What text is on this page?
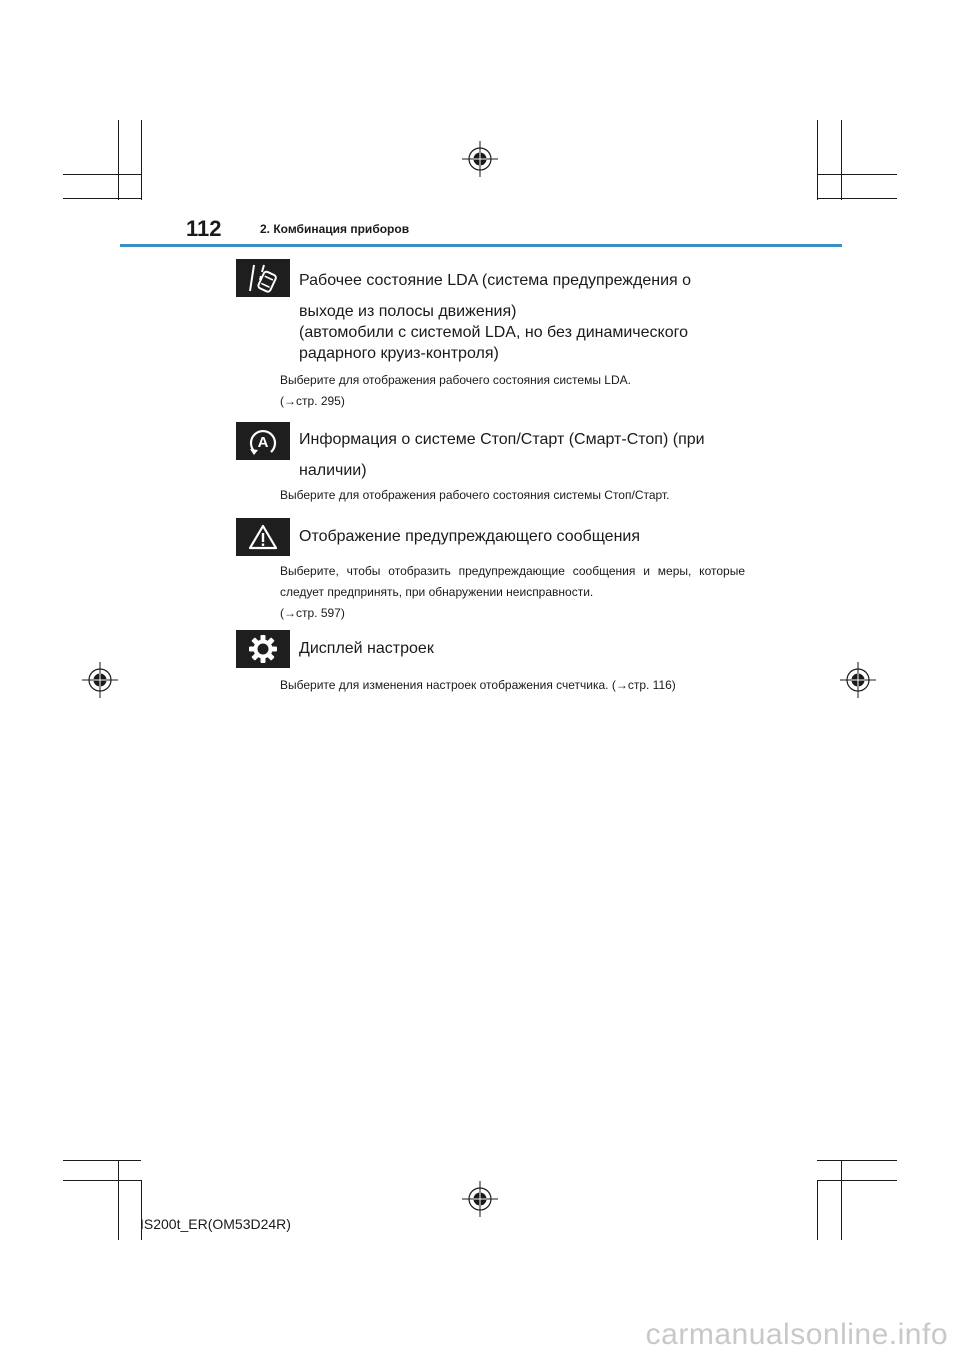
112	2. Комбинация приборов
Рабочее состояние LDA (система предупреждения о
выходе из полосы движения)
(автомобили с системой LDA, но без динамического
радарного круиз-контроля)
Выберите для отображения рабочего состояния системы LDA.
(→стр. 295)
A Информация о системе Стоп/Старт (Смарт-Стоп) (при
наличии)
Выберите для отображения рабочего состояния системы Стоп/Старт.
Отображение предупреждающего сообщения
Выберите, чтобы отобразить предупреждающие сообщения и меры, которые следует предпринять, при обнаружении неисправности.
(→стр. 597)
Дисплей настроек
Выберите для изменения настроек отображения счетчика. (→стр. 116)
IS200t_ER(OM53D24R)
carmanualsonline.info
